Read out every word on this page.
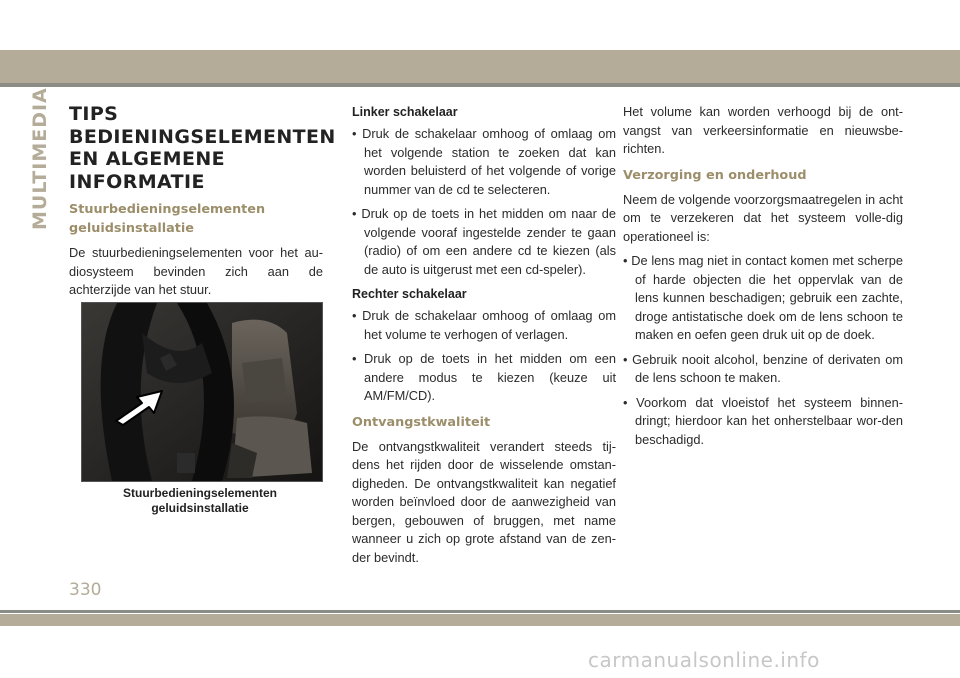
MULTIMEDIA TIPS BEDIENINGSELEMENTEN EN ALGEMENE INFORMATIE
Stuurbedieningselementen geluidsinstallatie

De stuurbedieningselementen voor het au-diosysteem bevinden zich aan de achterzijde van het stuur.

Stuurbedieningselementen geluidsinstallatie
Linker schakelaar

• Druk de schakelaar omhoog of omlaag om het volgende station te zoeken dat kan worden beluisterd of het volgende of vorige nummer van de cd te selecteren.

• Druk op de toets in het midden om naar de volgende vooraf ingestelde zender te gaan (radio) of om een andere cd te kiezen (als de auto is uitgerust met een cd-speler).

Rechter schakelaar

• Druk de schakelaar omhoog of omlaag om het volume te verhogen of verlagen.

• Druk op de toets in het midden om een andere modus te kiezen (keuze uit AM/FM/CD).

Ontvangstkwaliteit

De ontvangstkwaliteit verandert steeds tij-dens het rijden door de wisselende omstan-digheden. De ontvangstkwaliteit kan negatief worden beïnvloed door de aanwezigheid van bergen, gebouwen of bruggen, met name wanneer u zich op grote afstand van de zen-der bevindt.

Het volume kan worden verhoogd bij de ont-vangst van verkeersinformatie en nieuwsbe-richten.

Verzorging en onderhoud

Neem de volgende voorzorgsmaatregelen in acht om te verzekeren dat het systeem volle-dig operationeel is:

• De lens mag niet in contact komen met scherpe of harde objecten die het oppervlak van de lens kunnen beschadigen; gebruik een zachte, droge antistatische doek om de lens schoon te maken en oefen geen druk uit op de doek.

• Gebruik nooit alcohol, benzine of derivaten om de lens schoon te maken.

• Voorkom dat vloeistof het systeem binnen-dringt; hierdoor kan het onherstelbaar wor-den beschadigd.

330
carmanualsonline.info
